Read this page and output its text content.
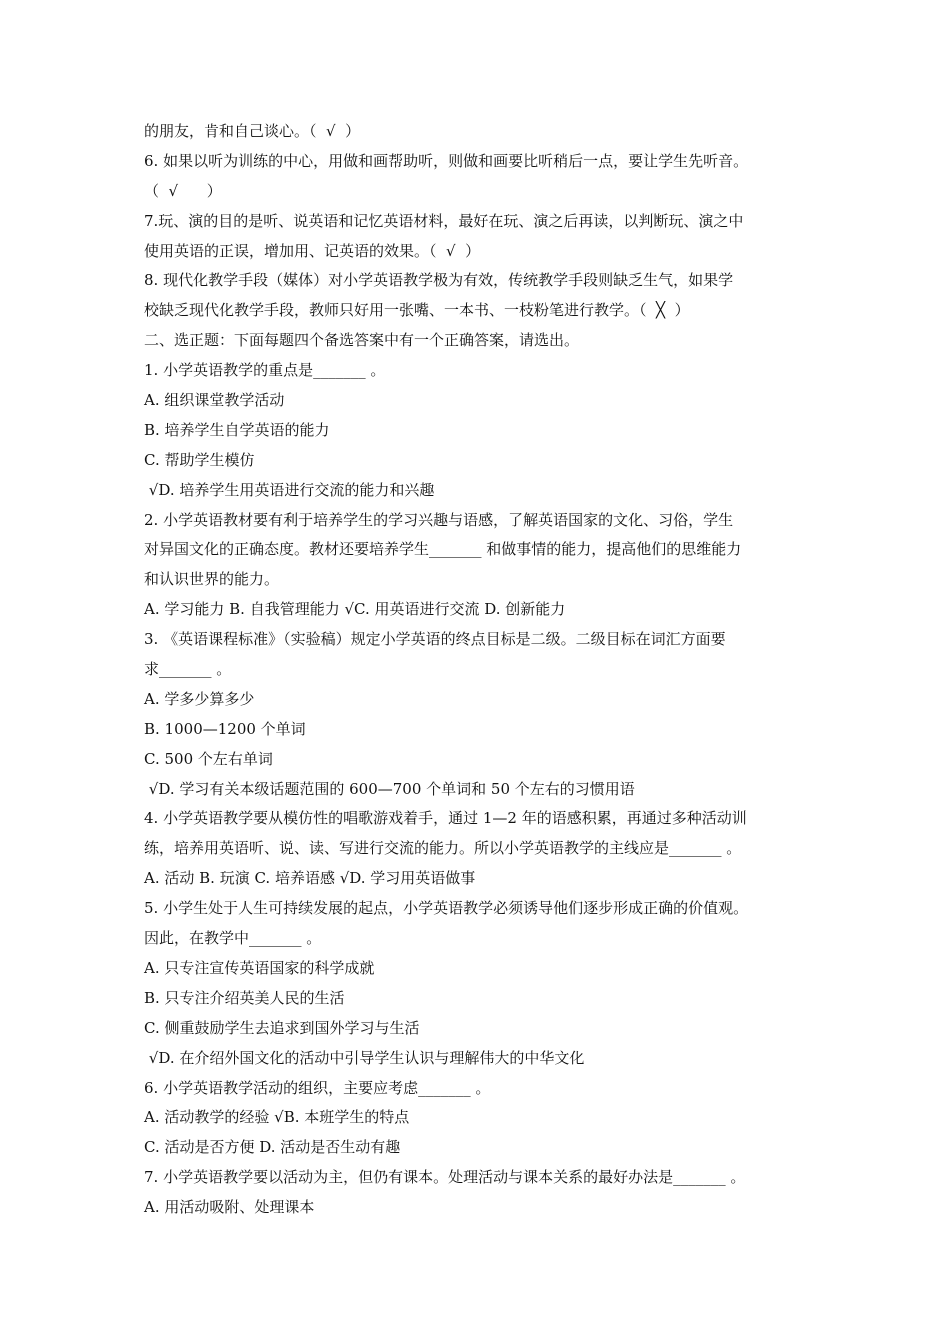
的朋友，肯和自己谈心。（  √  ）
6. 如果以听为训练的中心，用做和画帮助听，则做和画要比听稍后一点，要让学生先听音。
（  √      ）
7.玩、演的目的是听、说英语和记忆英语材料，最好在玩、演之后再读，以判断玩、演之中
使用英语的正误，增加用、记英语的效果。（  √  ）
8. 现代化教学手段（媒体）对小学英语教学极为有效，传统教学手段则缺乏生气，如果学
校缺乏现代化教学手段，教师只好用一张嘴、一本书、一枝粉笔进行教学。（  ╳  ）
二、选正题：下面每题四个备选答案中有一个正确答案，请选出。
1. 小学英语教学的重点是_______ 。
A. 组织课堂教学活动
B. 培养学生自学英语的能力
C. 帮助学生模仿
√D. 培养学生用英语进行交流的能力和兴趣
2. 小学英语教材要有利于培养学生的学习兴趣与语感，了解英语国家的文化、习俗，学生
对异国文化的正确态度。教材还要培养学生_______ 和做事情的能力，提高他们的思维能力
和认识世界的能力。
A. 学习能力 B. 自我管理能力 √C. 用英语进行交流 D. 创新能力
3. 《英语课程标准》（实验稿）规定小学英语的终点目标是二级。二级目标在词汇方面要
求_______ 。
A. 学多少算多少
B. 1000—1200 个单词
C. 500 个左右单词
√D. 学习有关本级话题范围的 600—700 个单词和 50 个左右的习惯用语
4. 小学英语教学要从模仿性的唱歌游戏着手，通过 1—2 年的语感积累，再通过多种活动训
练，培养用英语听、说、读、写进行交流的能力。所以小学英语教学的主线应是_______ 。
A. 活动 B. 玩演 C. 培养语感 √D. 学习用英语做事
5. 小学生处于人生可持续发展的起点，小学英语教学必须诱导他们逐步形成正确的价值观。
因此，在教学中_______ 。
A. 只专注宣传英语国家的科学成就
B. 只专注介绍英美人民的生活
C. 侧重鼓励学生去追求到国外学习与生活
√D. 在介绍外国文化的活动中引导学生认识与理解伟大的中华文化
6. 小学英语教学活动的组织，主要应考虑_______ 。
A. 活动教学的经验 √B. 本班学生的特点
C. 活动是否方便 D. 活动是否生动有趣
7. 小学英语教学要以活动为主，但仍有课本。处理活动与课本关系的最好办法是_______ 。
A. 用活动吸附、处理课本
